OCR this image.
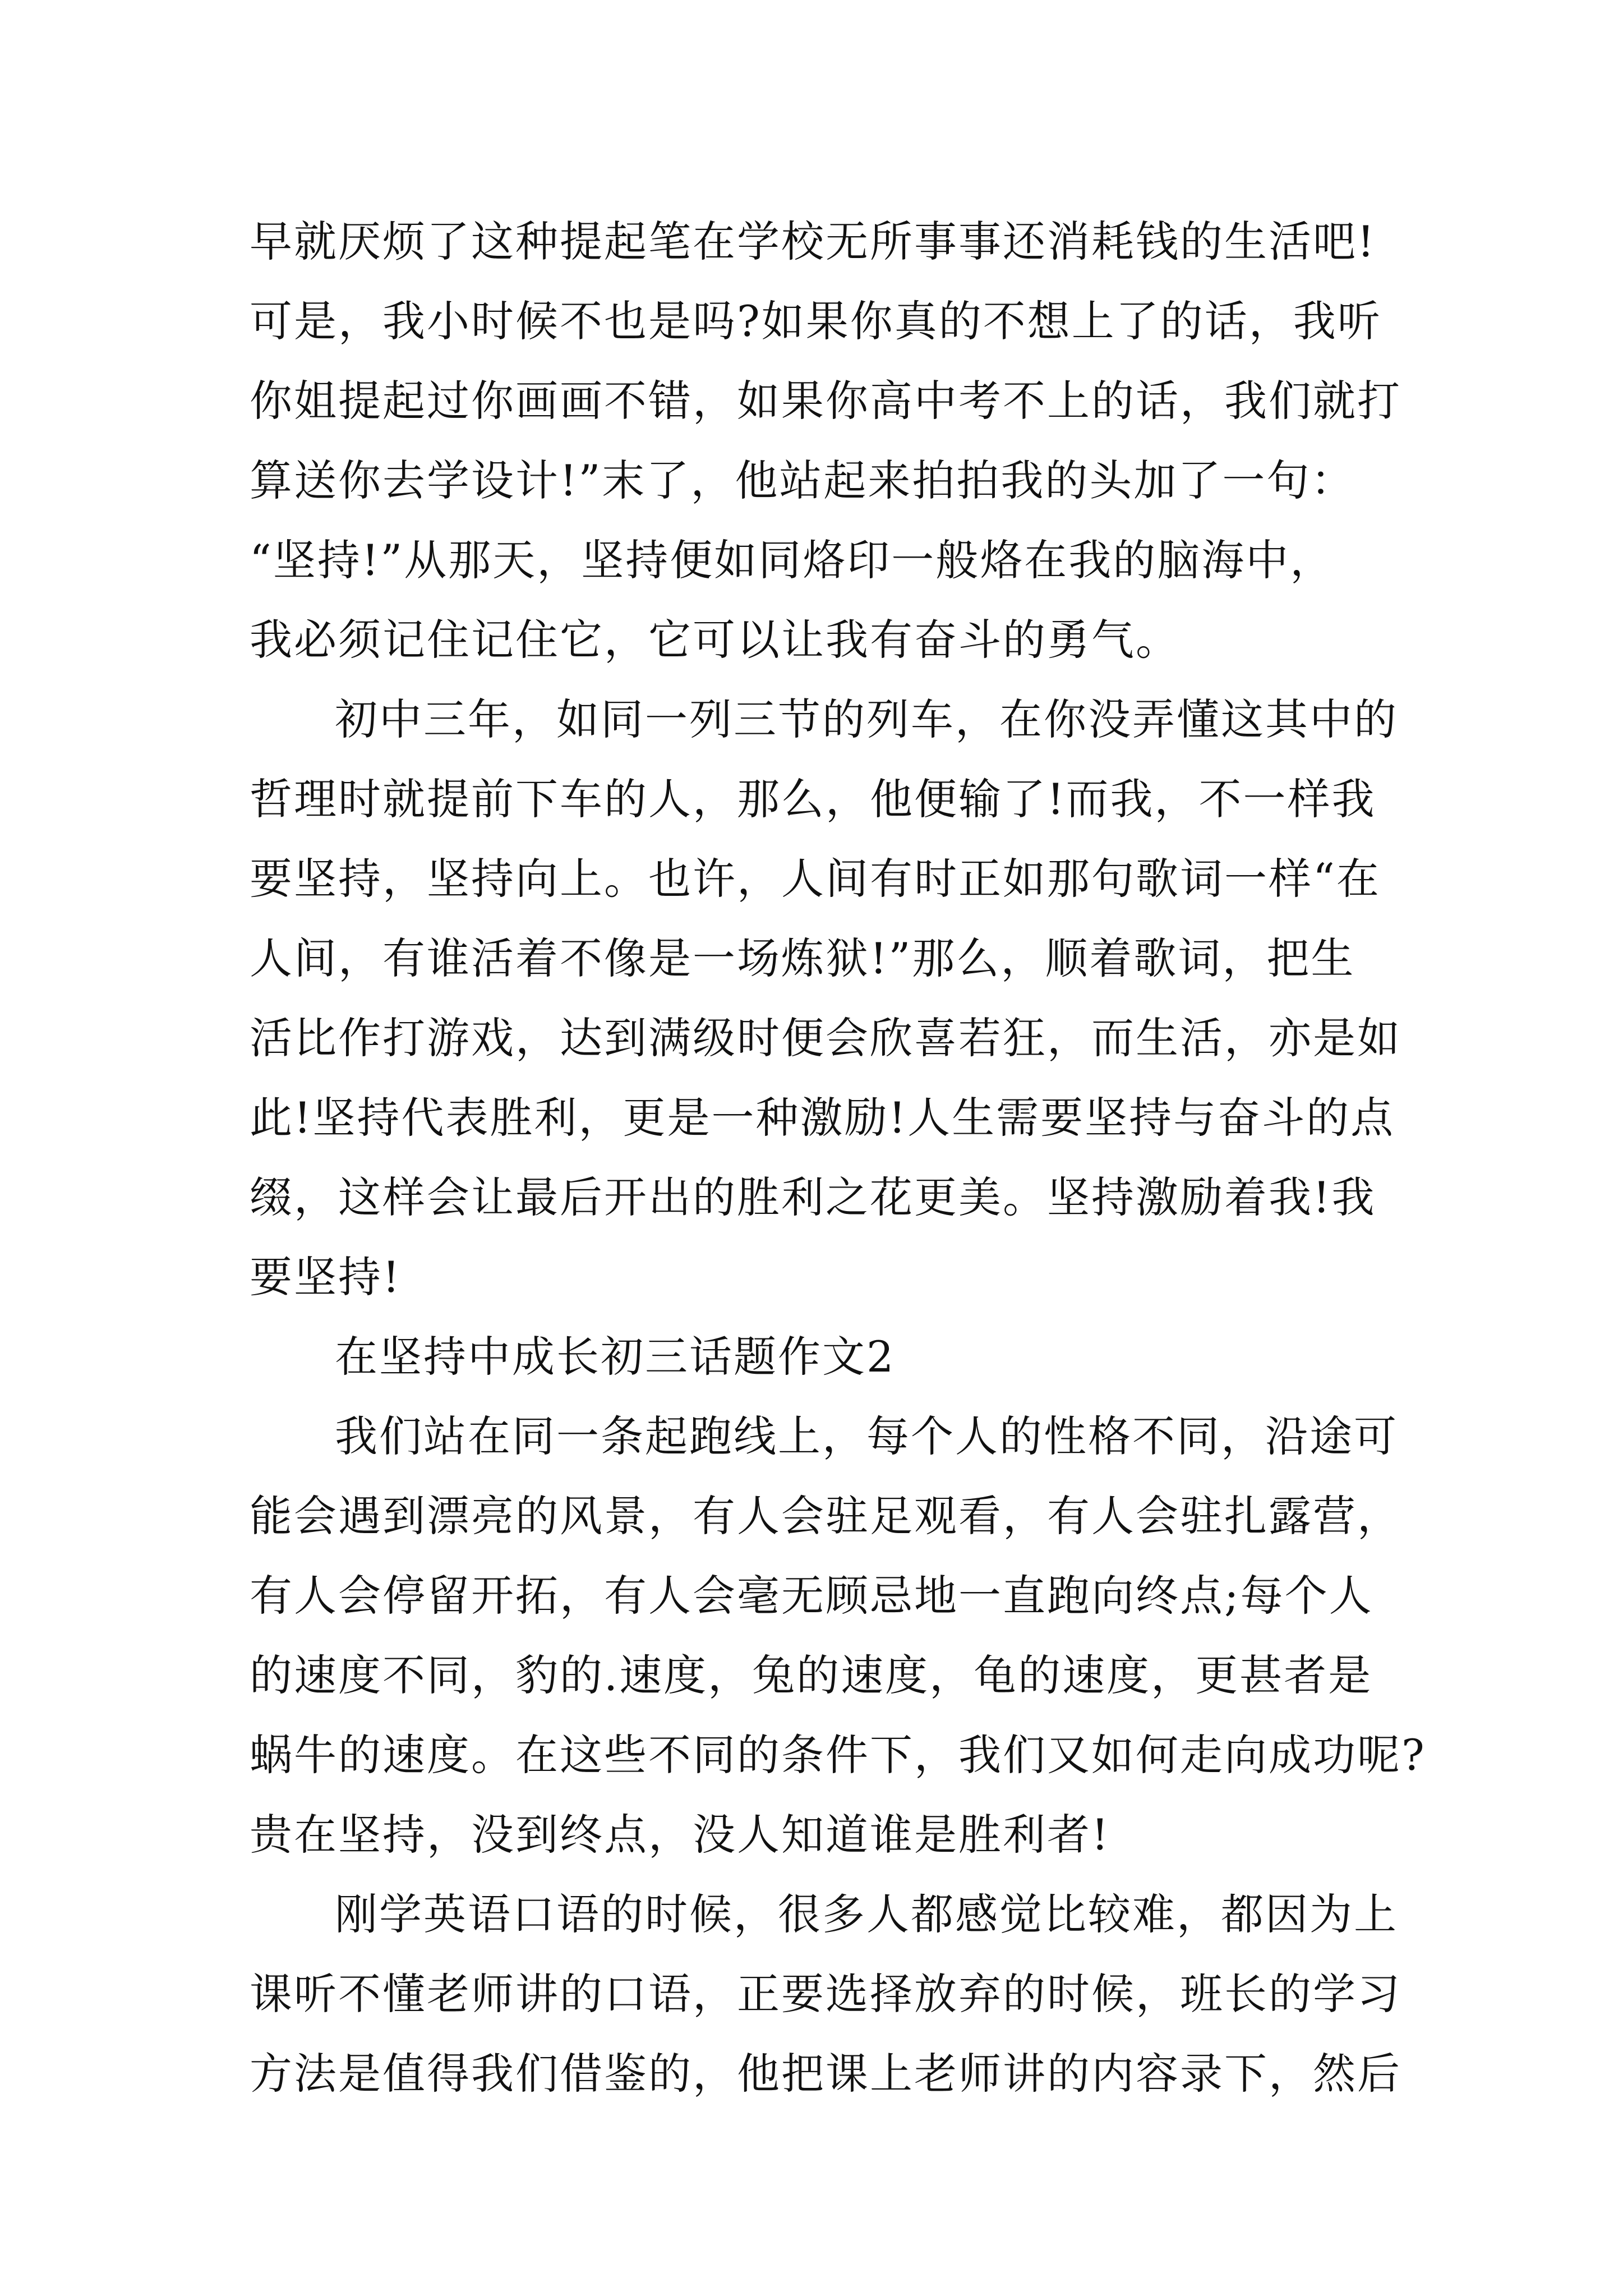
早就厌烦了这种提起笔在学校无所事事还消耗钱的生活吧!
可是，我小时候不也是吗?如果你真的不想上了的话，我听
你姐提起过你画画不错，如果你高中考不上的话，我们就打
算送你去学设计!”末了，他站起来拍拍我的头加了一句：
“坚持!”从那天，坚持便如同烙印一般烙在我的脑海中，
我必须记住记住它，它可以让我有奋斗的勇气。
初中三年，如同一列三节的列车，在你没弄懂这其中的
哲理时就提前下车的人，那么，他便输了!而我，不一样我
要坚持，坚持向上。也许，人间有时正如那句歌词一样“在
人间，有谁活着不像是一场炼狱!”那么，顺着歌词，把生
活比作打游戏，达到满级时便会欣喜若狂，而生活，亦是如
此!坚持代表胜利，更是一种激励!人生需要坚持与奋斗的点
缀，这样会让最后开出的胜利之花更美。坚持激励着我!我
要坚持!
在坚持中成长初三话题作文2
我们站在同一条起跑线上，每个人的性格不同，沿途可
能会遇到漂亮的风景，有人会驻足观看，有人会驻扎露营，
有人会停留开拓，有人会毫无顾忌地一直跑向终点;每个人
的速度不同，豹的.速度，兔的速度，龟的速度，更甚者是
蜗牛的速度。在这些不同的条件下，我们又如何走向成功呢?
贵在坚持，没到终点，没人知道谁是胜利者!
刚学英语口语的时候，很多人都感觉比较难，都因为上
课听不懂老师讲的口语，正要选择放弃的时候，班长的学习
方法是值得我们借鉴的，他把课上老师讲的内容录下，然后
